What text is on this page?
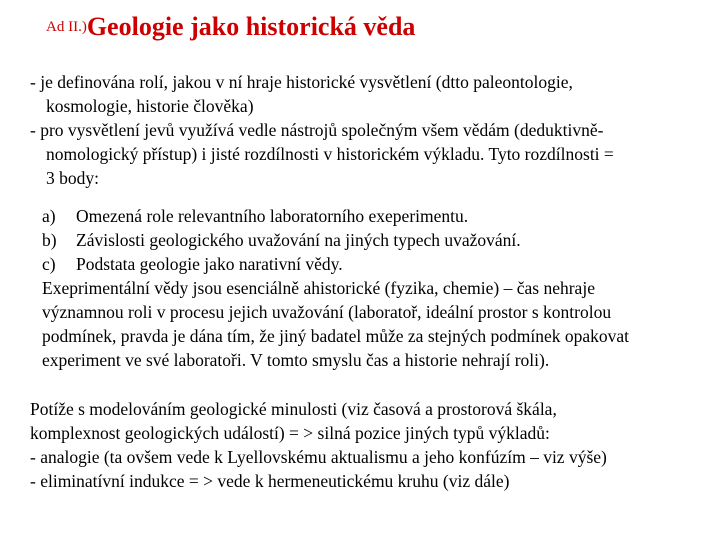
Ad II.)Geologie jako historická věda
- je definována rolí, jakou v ní hraje historické vysvětlení (dtto paleontologie,
kosmologie, historie člověka)
- pro vysvětlení jevů využívá vedle nástrojů společným všem vědám (deduktivně-
nomologický přístup) i jisté rozdílnosti v historickém výkladu. Tyto rozdílnosti =
3 body:
a) Omezená role relevantního laboratorního exeperimentu.
b) Závislosti geologického uvažování na jiných typech uvažování.
c) Podstata geologie jako narativní vědy.
Exeprimentální vědy jsou esenciálně ahistorické (fyzika, chemie) – čas nehraje
významnou roli v procesu jejich uvažování (laboratoř, ideální prostor s kontrolou
podmínek, pravda je dána tím, že jiný badatel může za stejných podmínek opakovat
experiment ve své laboratoři. V tomto smyslu čas a historie nehrají roli).
Potíže s modelováním geologické minulosti (viz časová a prostorová škála,
komplexnost geologických událostí) = > silná pozice jiných typů výkladů:
- analogie (ta ovšem vede k Lyellovskému aktualismu a jeho konfúzím – viz výše)
- eliminatívní indukce = > vede k hermeneutickému kruhu (viz dále)
